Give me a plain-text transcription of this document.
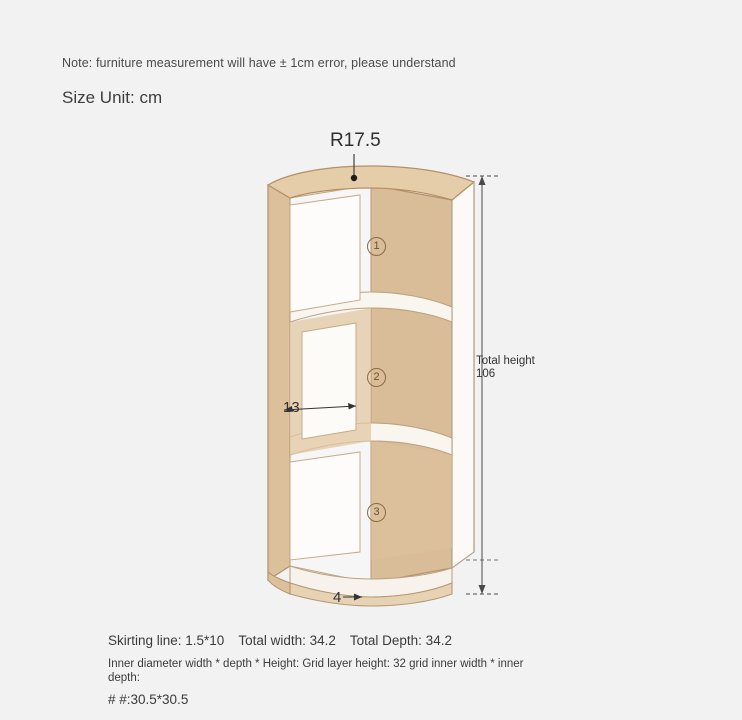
Note: furniture measurement will have ± 1cm error, please understand
Size Unit: cm
R17.5
Total height
106
13
4
1
2
3
Skirting line: 1.5*10 Total width: 34.2 Total Depth: 34.2
Inner diameter width * depth * Height: Grid layer height: 32 grid inner width * inner depth:
# #:30.5*30.5
